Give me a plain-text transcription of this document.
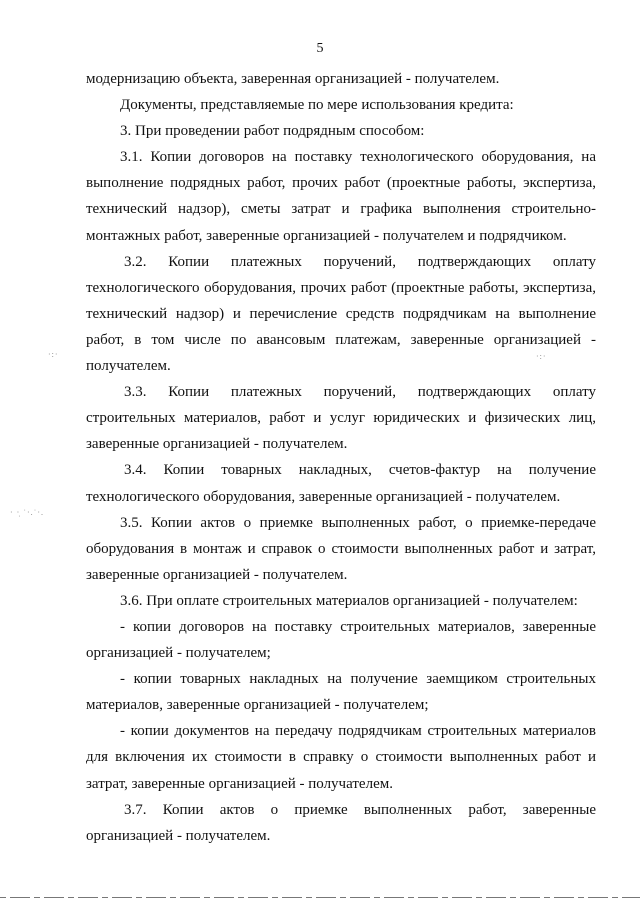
5

модернизацию объекта, заверенная организацией - получателем.

Документы, представляемые по мере использования кредита:

3. При проведении работ подрядным способом:

3.1. Копии договоров на поставку технологического оборудования, на выполнение подрядных работ, прочих работ (проектные работы, экспертиза, технический надзор), сметы затрат и графика выполнения строительно-монтажных работ, заверенные организацией - получателем и подрядчиком.

3.2. Копии платежных поручений, подтверждающих оплату технологического оборудования, прочих работ (проектные работы, экспертиза, технический надзор) и перечисление средств подрядчикам на выполнение работ, в том числе по авансовым платежам, заверенные организацией - получателем.

3.3. Копии платежных поручений, подтверждающих оплату строительных материалов, работ и услуг юридических и физических лиц, заверенные организацией - получателем.

3.4. Копии товарных накладных, счетов-фактур на получение технологического оборудования, заверенные организацией - получателем.

3.5. Копии актов о приемке выполненных работ, о приемке-передаче оборудования в монтаж и справок о стоимости выполненных работ и затрат, заверенные организацией - получателем.

3.6. При оплате строительных материалов организацией - получателем:

- копии договоров на поставку строительных материалов, заверенные организацией - получателем;

- копии товарных накладных на получение заемщиком строительных материалов, заверенные организацией - получателем;

- копии документов на передачу подрядчикам строительных материалов для включения их стоимости в справку о стоимости выполненных работ и затрат, заверенные организацией - получателем.

3.7. Копии актов о приемке выполненных работ, заверенные организацией - получателем.

· ·̣ ˙·.˙·.
·:·	·:·
